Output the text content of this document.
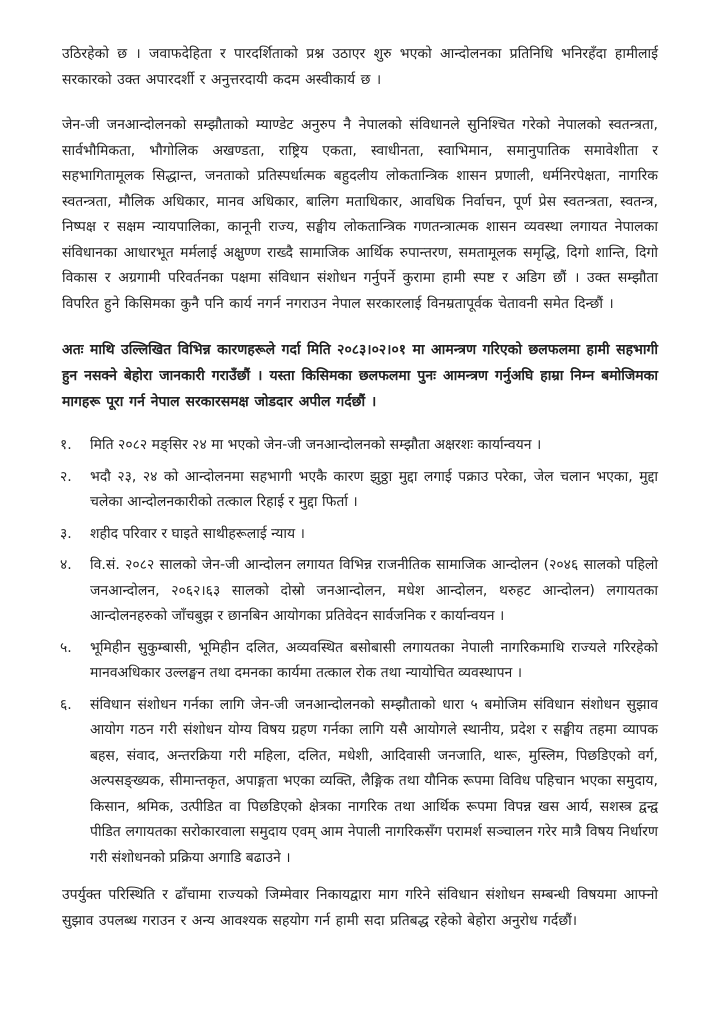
उठिरहेको छ । जवाफदेहिता र पारदर्शिताको प्रश्न उठाएर शुरु भएको आन्दोलनका प्रतिनिधि भनिरहँदा हामीलाई सरकारको उक्त अपारदर्शी र अनुत्तरदायी कदम अस्वीकार्य छ ।

जेन-जी जनआन्दोलनको सम्झौताको म्याण्डेट अनुरुप नै नेपालको संविधानले सुनिश्चित गरेको नेपालको स्वतन्त्रता, सार्वभौमिकता, भौगोलिक अखण्डता, राष्ट्रिय एकता, स्वाधीनता, स्वाभिमान, समानुपातिक समावेशीता र सहभागितामूलक सिद्धान्त, जनताको प्रतिस्पर्धात्मक बहुदलीय लोकतान्त्रिक शासन प्रणाली, धर्मनिरपेक्षता, नागरिक स्वतन्त्रता, मौलिक अधिकार, मानव अधिकार, बालिग मताधिकार, आवधिक निर्वाचन, पूर्ण प्रेस स्वतन्त्रता, स्वतन्त्र, निष्पक्ष र सक्षम न्यायपालिका, कानूनी राज्य, सङ्घीय लोकतान्त्रिक गणतन्त्रात्मक शासन व्यवस्था लगायत नेपालका संविधानका आधारभूत मर्मलाई अक्षुण्ण राख्दै सामाजिक आर्थिक रुपान्तरण, समतामूलक समृद्धि, दिगो शान्ति, दिगो विकास र अग्रगामी परिवर्तनका पक्षमा संविधान संशोधन गर्नुपर्ने कुरामा हामी स्पष्ट र अडिग छौं । उक्त सम्झौता विपरित हुने किसिमका कुनै पनि कार्य नगर्न नगराउन नेपाल सरकारलाई विनम्रतापूर्वक चेतावनी समेत दिन्छौं ।

अतः माथि उल्लिखित विभिन्न कारणहरूले गर्दा मिति २०८३।०२।०१ मा आमन्त्रण गरिएको छलफलमा हामी सहभागी हुन नसक्ने बेहोरा जानकारी गराउँछौं । यस्ता किसिमका छलफलमा पुनः आमन्त्रण गर्नुअघि हाम्रा निम्न बमोजिमका मागहरू पूरा गर्न नेपाल सरकारसमक्ष जोडदार अपील गर्दछौं ।

१.	मिति २०८२ मङ्सिर २४ मा भएको जेन-जी जनआन्दोलनको सम्झौता अक्षरशः कार्यान्वयन ।
२.	भदौ २३, २४ को आन्दोलनमा सहभागी भएकै कारण झुठ्ठा मुद्दा लगाई पक्राउ परेका, जेल चलान भएका, मुद्दा चलेका आन्दोलनकारीको तत्काल रिहाई र मुद्दा फिर्ता ।
३.	शहीद परिवार र घाइते साथीहरूलाई न्याय ।
४.	वि.सं. २०८२ सालको जेन-जी आन्दोलन लगायत विभिन्न राजनीतिक सामाजिक आन्दोलन (२०४६ सालको पहिलो जनआन्दोलन, २०६२।६३ सालको दोस्रो जनआन्दोलन, मधेश आन्दोलन, थरुहट आन्दोलन) लगायतका आन्दोलनहरुको जाँचबुझ र छानबिन आयोगका प्रतिवेदन सार्वजनिक र कार्यान्वयन ।
५.	भूमिहीन सुकुम्बासी, भूमिहीन दलित, अव्यवस्थित बसोबासी लगायतका नेपाली नागरिकमाथि राज्यले गरिरहेको मानवअधिकार उल्लङ्घन तथा दमनका कार्यमा तत्काल रोक तथा न्यायोचित व्यवस्थापन ।
६.	संविधान संशोधन गर्नका लागि जेन-जी जनआन्दोलनको सम्झौताको धारा ५ बमोजिम संविधान संशोधन सुझाव आयोग गठन गरी संशोधन योग्य विषय ग्रहण गर्नका लागि यसै आयोगले स्थानीय, प्रदेश र सङ्घीय तहमा व्यापक बहस, संवाद, अन्तरक्रिया गरी महिला, दलित, मधेशी, आदिवासी जनजाति, थारू, मुस्लिम, पिछडिएको वर्ग, अल्पसङ्ख्यक, सीमान्तकृत, अपाङ्गता भएका व्यक्ति, लैङ्गिक तथा यौनिक रूपमा विविध पहिचान भएका समुदाय, किसान, श्रमिक, उत्पीडित वा पिछडिएको क्षेत्रका नागरिक तथा आर्थिक रूपमा विपन्न खस आर्य, सशस्त्र द्वन्द्व पीडित लगायतका सरोकारवाला समुदाय एवम् आम नेपाली नागरिकसँग परामर्श सञ्चालन गरेर मात्रै विषय निर्धारण गरी संशोधनको प्रक्रिया अगाडि बढाउने ।

उपर्युक्त परिस्थिति र ढाँचामा राज्यको जिम्मेवार निकायद्वारा माग गरिने संविधान संशोधन सम्बन्धी विषयमा आफ्नो सुझाव उपलब्ध गराउन र अन्य आवश्यक सहयोग गर्न हामी सदा प्रतिबद्ध रहेको बेहोरा अनुरोध गर्दछौं।
